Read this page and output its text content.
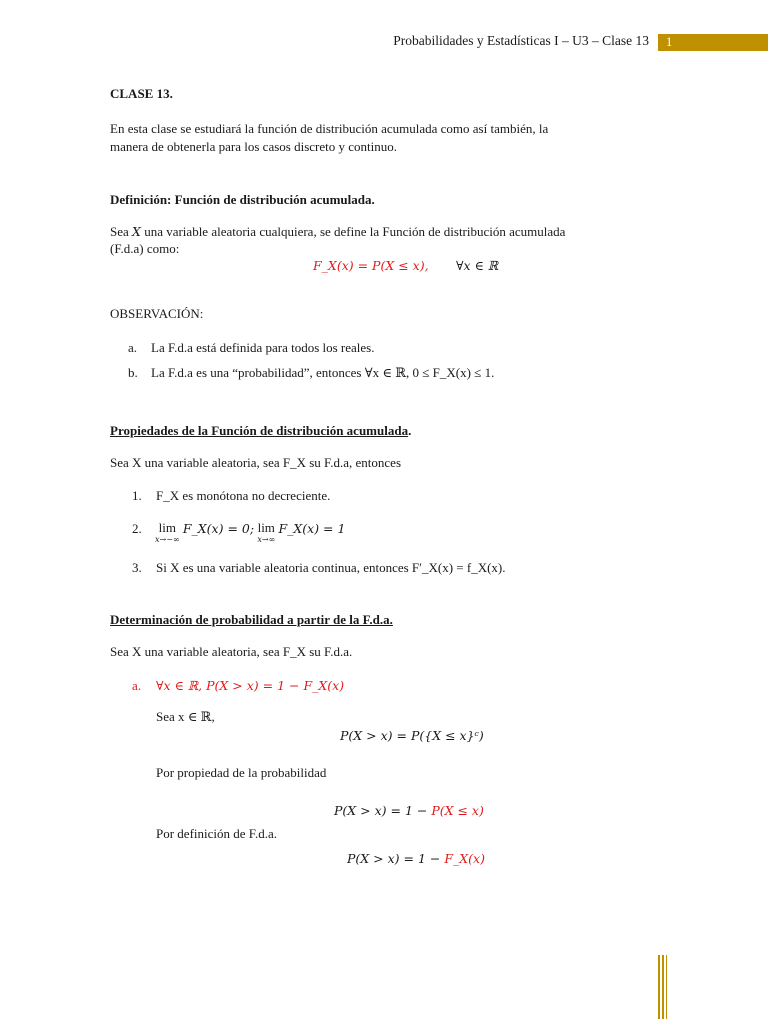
Probabilidades y Estadísticas I – U3 – Clase 13	1
CLASE 13.
En esta clase se estudiará la función de distribución acumulada como así también, la
manera de obtenerla para los casos discreto y continuo.
Definición: Función de distribución acumulada.
Sea X una variable aleatoria cualquiera, se define la Función de distribución acumulada
(F.d.a) como:
F_X(x) = P(X ≤ x), ∀x ∈ ℝ
OBSERVACIÓN:
a. La F.d.a está definida para todos los reales.
b. La F.d.a es una “probabilidad”, entonces ∀x ∈ ℝ, 0 ≤ F_X(x) ≤ 1.
Propiedades de la Función de distribución acumulada.
Sea X una variable aleatoria, sea F_X su F.d.a, entonces
1. F_X es monótona no decreciente.
2. lim
x→−∞
F_X(x) = 0; lim
x→∞
F_X(x) = 1
3. Si X es una variable aleatoria continua, entonces F′_X(x) = f_X(x).
Determinación de probabilidad a partir de la F.d.a.
Sea X una variable aleatoria, sea F_X su F.d.a.
a. ∀x ∈ ℝ, P(X > x) = 1 − F_X(x)
Sea x ∈ ℝ,
P(X > x) = P({X ≤ x}ᶜ)
Por propiedad de la probabilidad
P(X > x) = 1 − P(X ≤ x)
Por definición de F.d.a.
P(X > x) = 1 − F_X(x)
